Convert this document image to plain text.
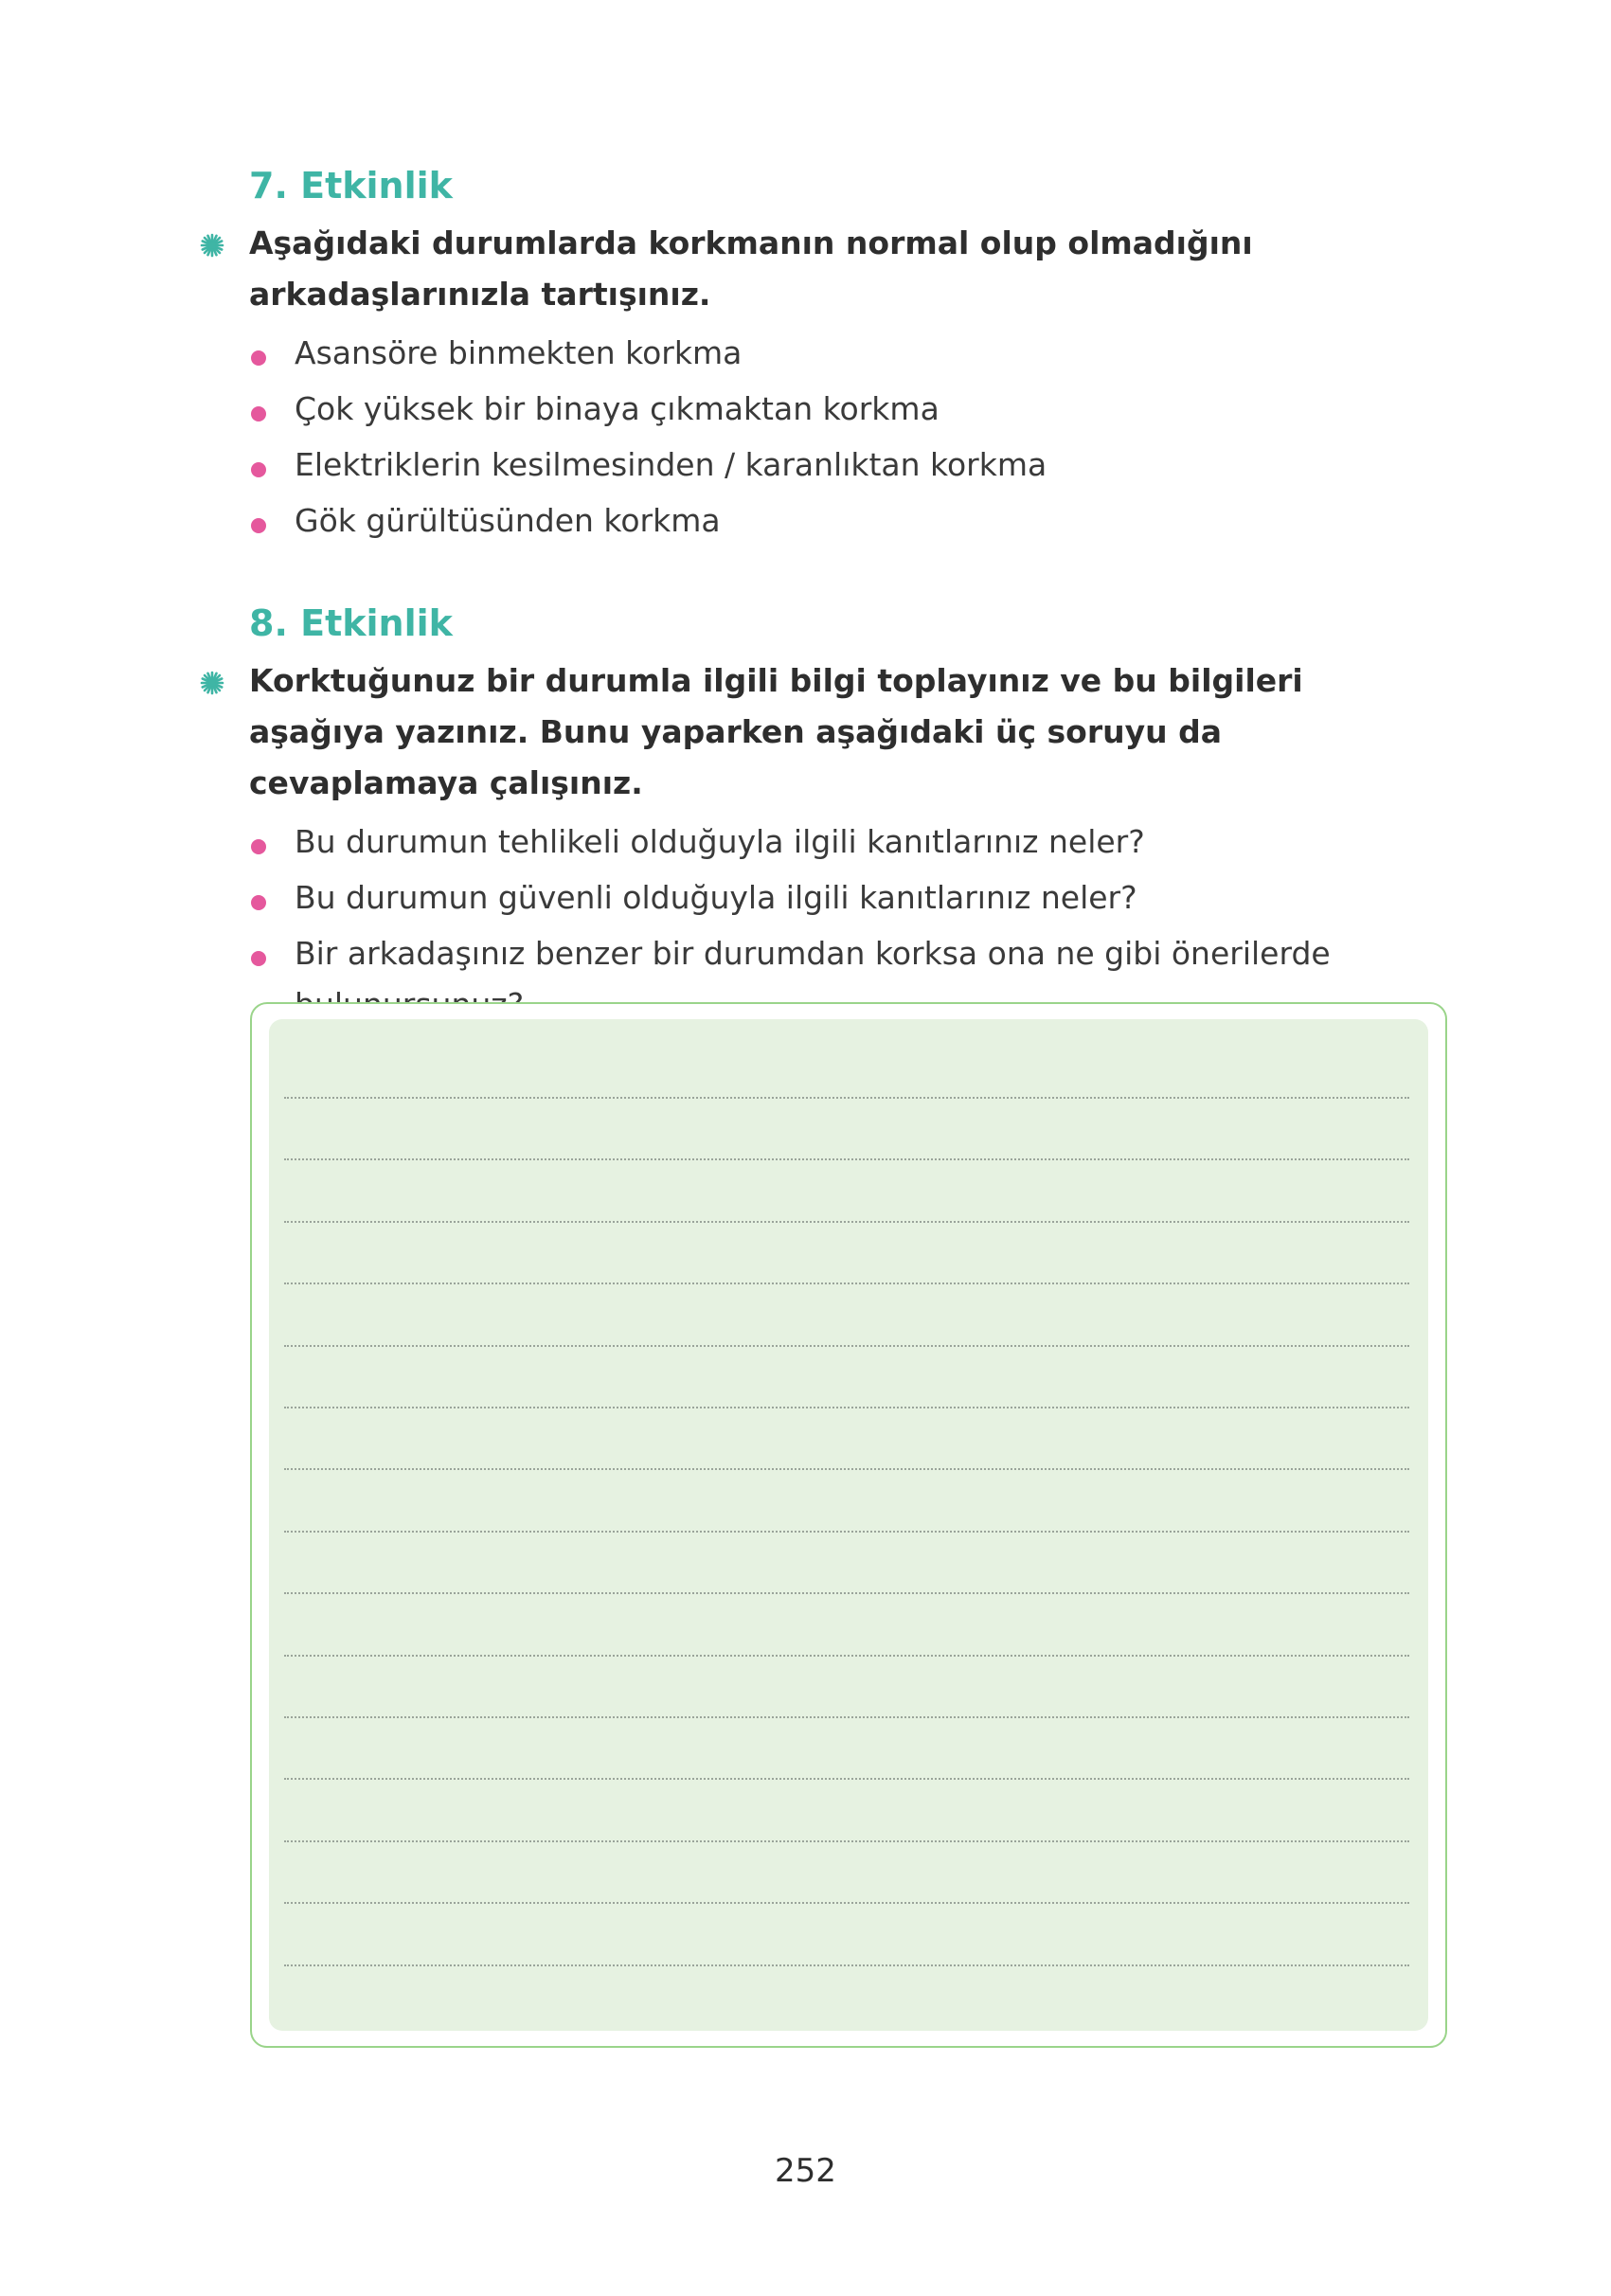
7. Etkinlik
Aşağıdaki durumlarda korkmanın normal olup olmadığını arkadaşlarınızla tartışınız.
Asansöre binmekten korkma
Çok yüksek bir binaya çıkmaktan korkma
Elektriklerin kesilmesinden / karanlıktan korkma
Gök gürültüsünden korkma
8. Etkinlik
Korktuğunuz bir durumla ilgili bilgi toplayınız ve bu bilgileri aşağıya yazınız. Bunu yaparken aşağıdaki üç soruyu da cevaplamaya çalışınız.
Bu durumun tehlikeli olduğuyla ilgili kanıtlarınız neler?
Bu durumun güvenli olduğuyla ilgili kanıtlarınız neler?
Bir arkadaşınız benzer bir durumdan korksa ona ne gibi önerilerde
252
